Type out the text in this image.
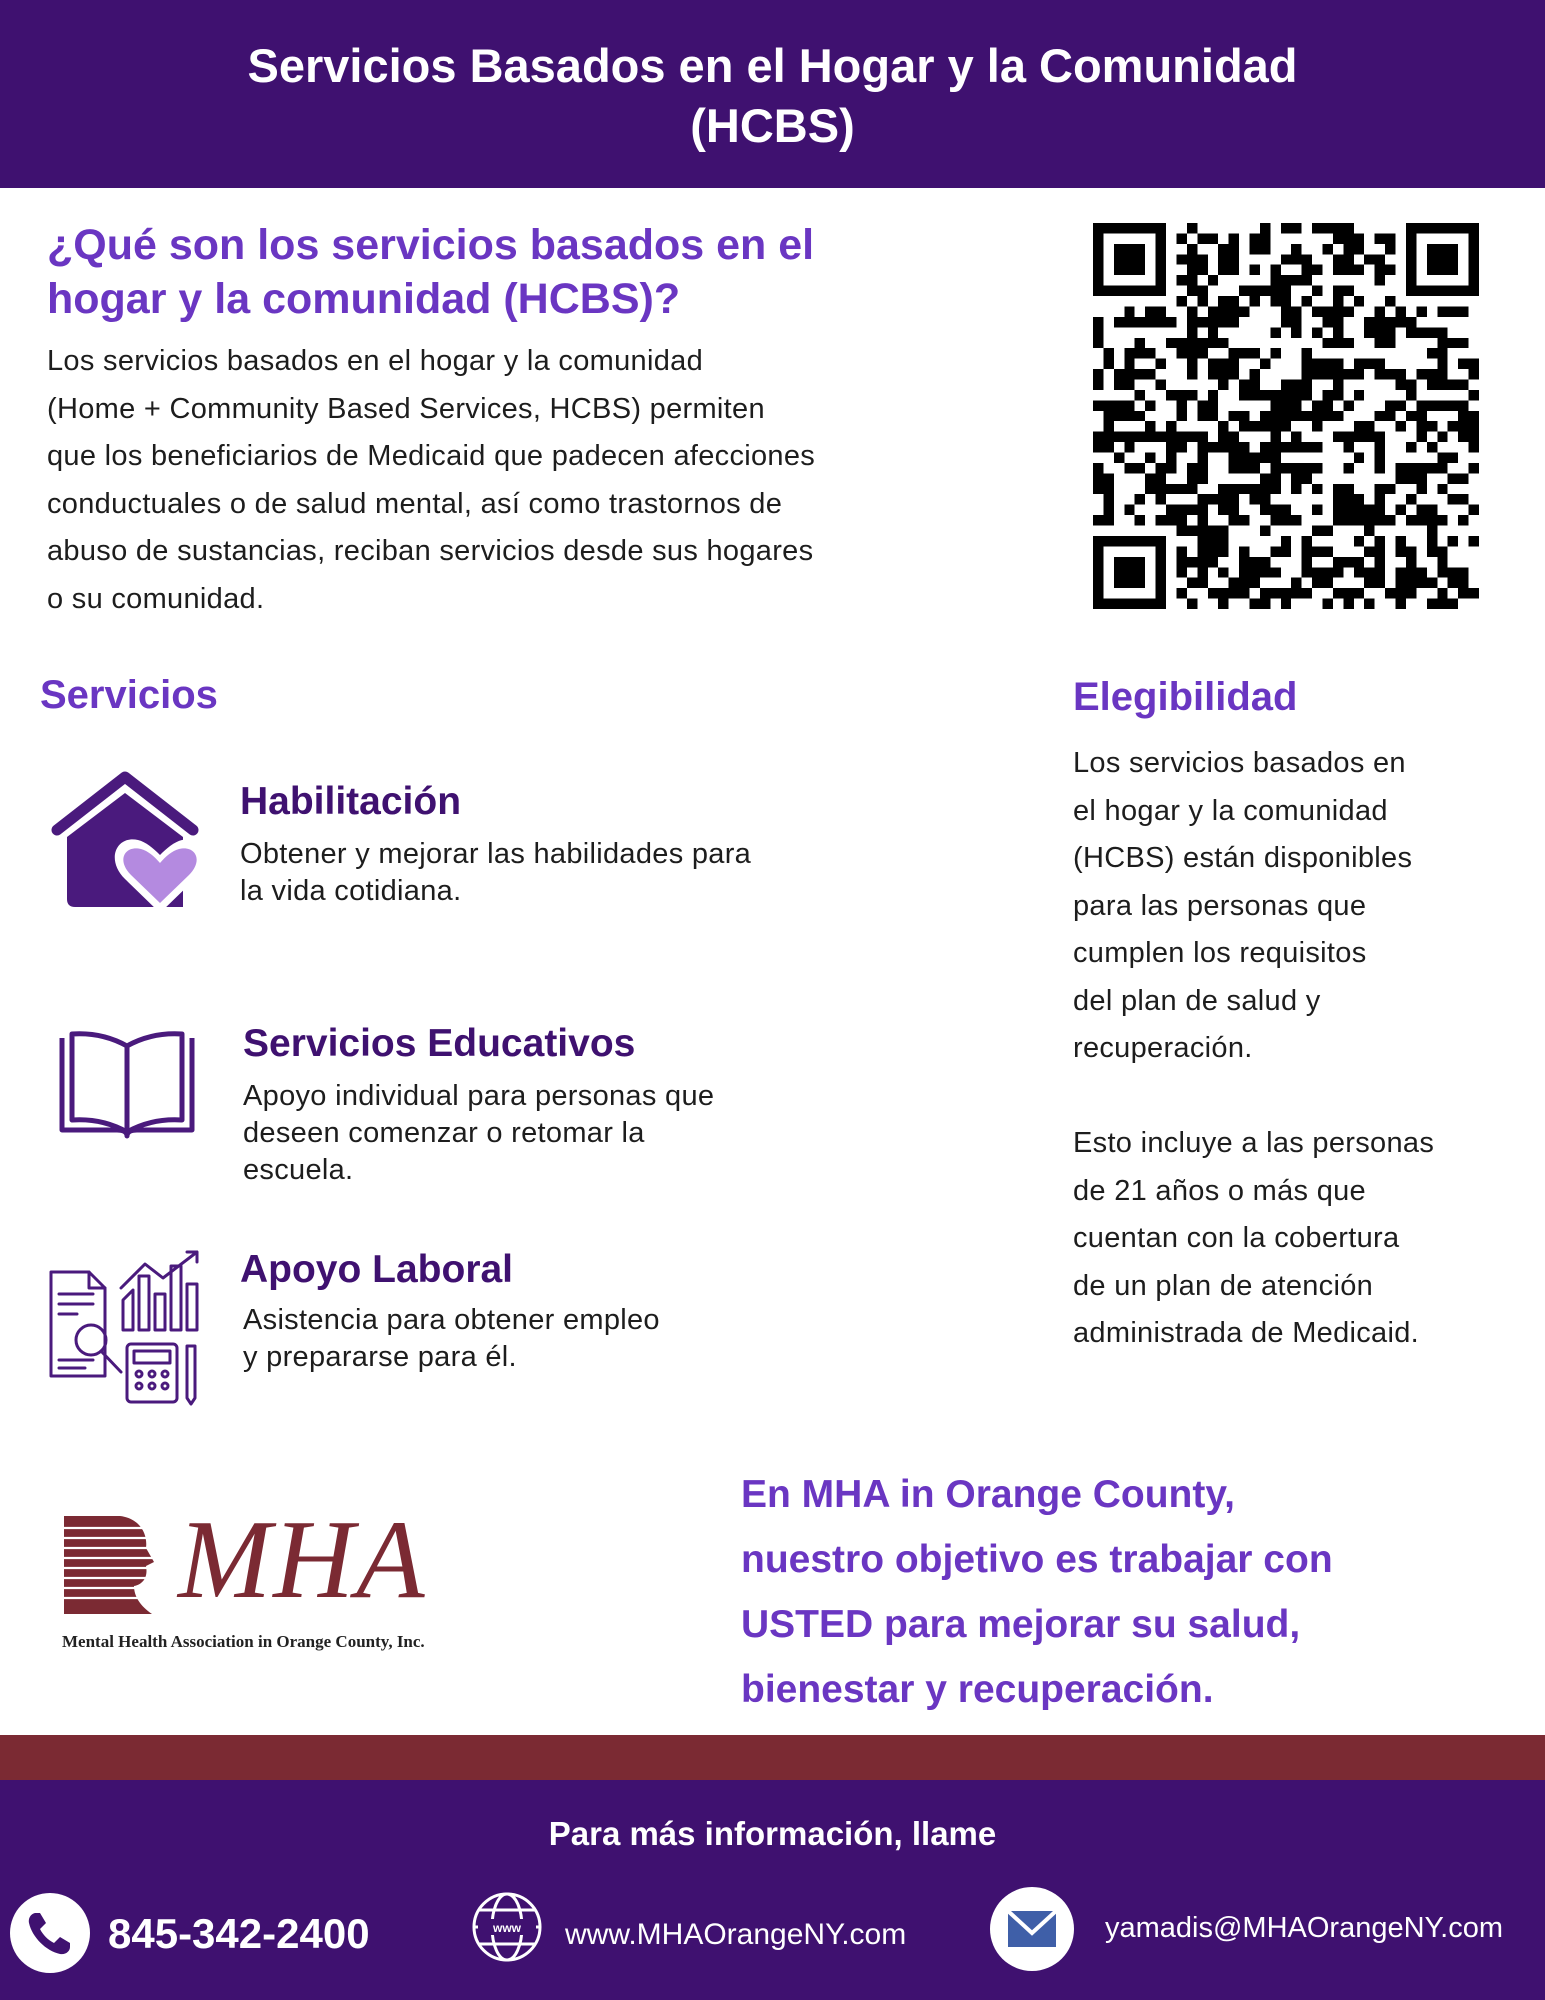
Servicios Basados en el Hogar y la Comunidad
(HCBS)
¿Qué son los servicios basados en el
hogar y la comunidad (HCBS)?
Los servicios basados en el hogar y la comunidad
(Home + Community Based Services, HCBS) permiten
que los beneficiarios de Medicaid que padecen afecciones
conductuales o de salud mental, así como trastornos de
abuso de sustancias, reciban servicios desde sus hogares
o su comunidad.
Servicios
Habilitación
Obtener y mejorar las habilidades para
la vida cotidiana.
Servicios Educativos
Apoyo individual para personas que
deseen comenzar o retomar la
escuela.
Apoyo Laboral
Asistencia para obtener empleo
y prepararse para él.
Elegibilidad
Los servicios basados en
el hogar y la comunidad
(HCBS) están disponibles
para las personas que
cumplen los requisitos
del plan de salud y
recuperación.
Esto incluye a las personas
de 21 años o más que
cuentan con la cobertura
de un plan de atención
administrada de Medicaid.
MHA
Mental Health Association in Orange County, Inc.
En MHA in Orange County,
nuestro objetivo es trabajar con
USTED para mejorar su salud,
bienestar y recuperación.
Para más información, llame
845-342-2400	www www.MHAOrangeNY.com	yamadis@MHAOrangeNY.com
